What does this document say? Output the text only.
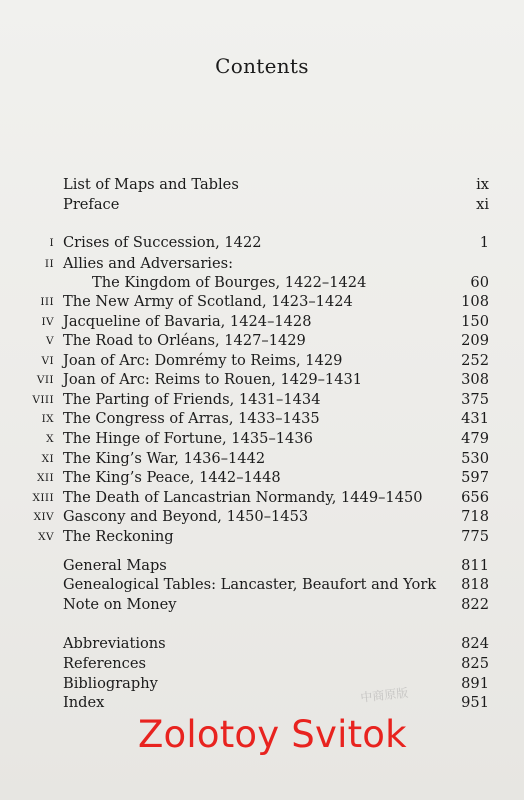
Contents
List of Maps and Tables	ix
Preface	xi
I Crises of Succession, 1422	1
II Allies and Adversaries:
The Kingdom of Bourges, 1422–1424	60
III The New Army of Scotland, 1423–1424	108
IV Jacqueline of Bavaria, 1424–1428	150
V The Road to Orléans, 1427–1429	209
VI Joan of Arc: Domrémy to Reims, 1429	252
VII Joan of Arc: Reims to Rouen, 1429–1431	308
VIII The Parting of Friends, 1431–1434	375
IX The Congress of Arras, 1433–1435	431
X The Hinge of Fortune, 1435–1436	479
XI The King’s War, 1436–1442	530
XII The King’s Peace, 1442–1448	597
XIII The Death of Lancastrian Normandy, 1449–1450	656
XIV Gascony and Beyond, 1450–1453	718
XV The Reckoning	775
General Maps	811
Genealogical Tables: Lancaster, Beaufort and York 818
Note on Money	822
Abbreviations	824
References	825
Bibliography	891
Index	951
中商原版
Zolotoy Svitok
